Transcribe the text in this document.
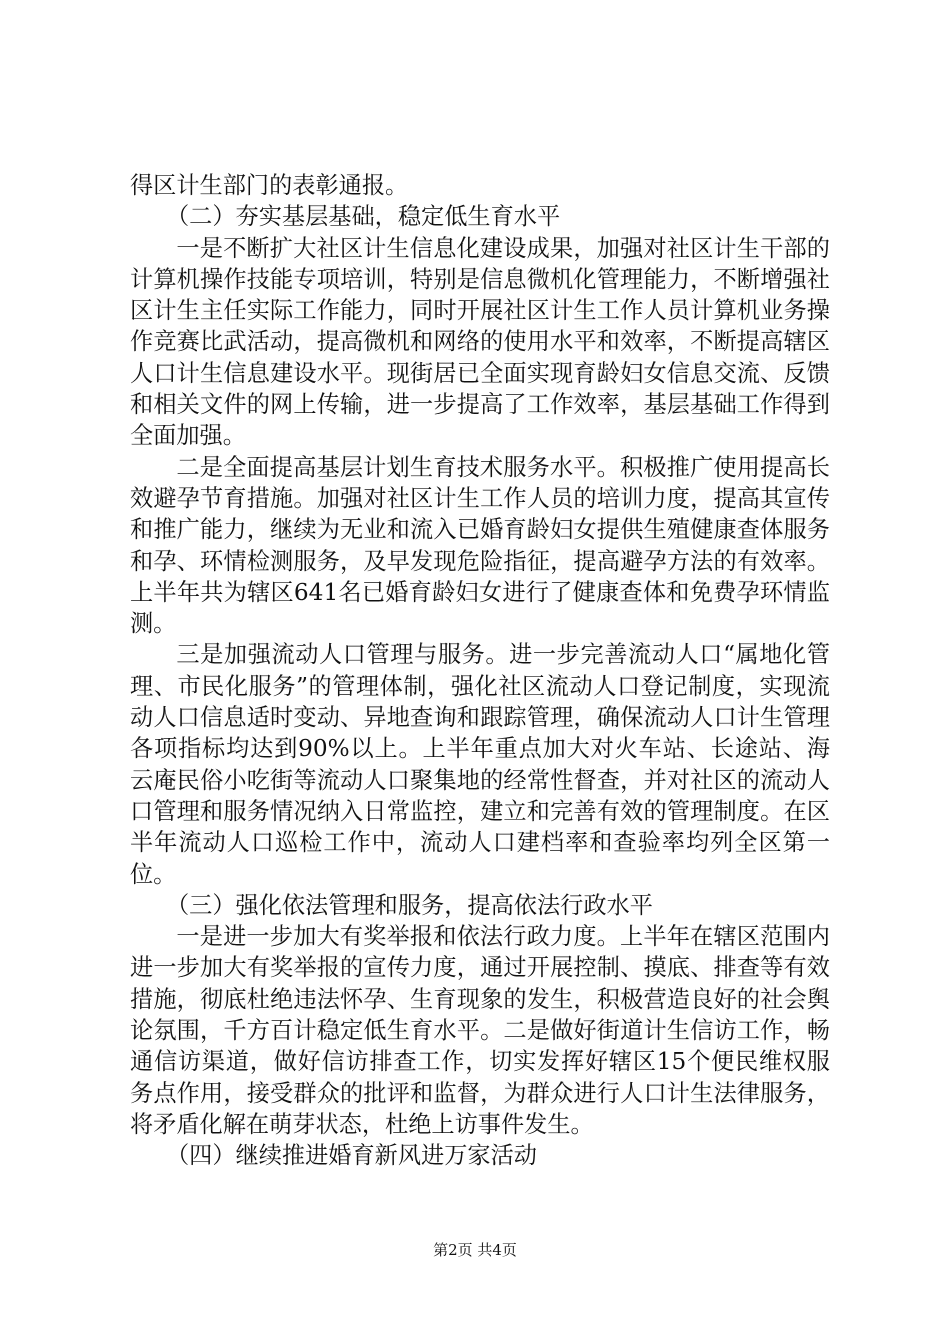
得区计生部门的表彰通报。

（二）夯实基层基础，稳定低生育水平

一是不断扩大社区计生信息化建设成果，加强对社区计生干部的计算机操作技能专项培训，特别是信息微机化管理能力，不断增强社区计生主任实际工作能力，同时开展社区计生工作人员计算机业务操作竞赛比武活动，提高微机和网络的使用水平和效率，不断提高辖区人口计生信息建设水平。现街居已全面实现育龄妇女信息交流、反馈和相关文件的网上传输，进一步提高了工作效率，基层基础工作得到全面加强。

二是全面提高基层计划生育技术服务水平。积极推广使用提高长效避孕节育措施。加强对社区计生工作人员的培训力度，提高其宣传和推广能力，继续为无业和流入已婚育龄妇女提供生殖健康查体服务和孕、环情检测服务，及早发现危险指征，提高避孕方法的有效率。上半年共为辖区641名已婚育龄妇女进行了健康查体和免费孕环情监测。

三是加强流动人口管理与服务。进一步完善流动人口“属地化管理、市民化服务”的管理体制，强化社区流动人口登记制度，实现流动人口信息适时变动、异地查询和跟踪管理，确保流动人口计生管理各项指标均达到90%以上。上半年重点加大对火车站、长途站、海云庵民俗小吃街等流动人口聚集地的经常性督查，并对社区的流动人口管理和服务情况纳入日常监控，建立和完善有效的管理制度。在区半年流动人口巡检工作中，流动人口建档率和查验率均列全区第一位。

（三）强化依法管理和服务，提高依法行政水平

一是进一步加大有奖举报和依法行政力度。上半年在辖区范围内进一步加大有奖举报的宣传力度，通过开展控制、摸底、排查等有效措施，彻底杜绝违法怀孕、生育现象的发生，积极营造良好的社会舆论氛围，千方百计稳定低生育水平。二是做好街道计生信访工作，畅通信访渠道，做好信访排查工作，切实发挥好辖区15个便民维权服务点作用，接受群众的批评和监督，为群众进行人口计生法律服务，将矛盾化解在萌芽状态，杜绝上访事件发生。

（四）继续推进婚育新风进万家活动

第2页 共4页
